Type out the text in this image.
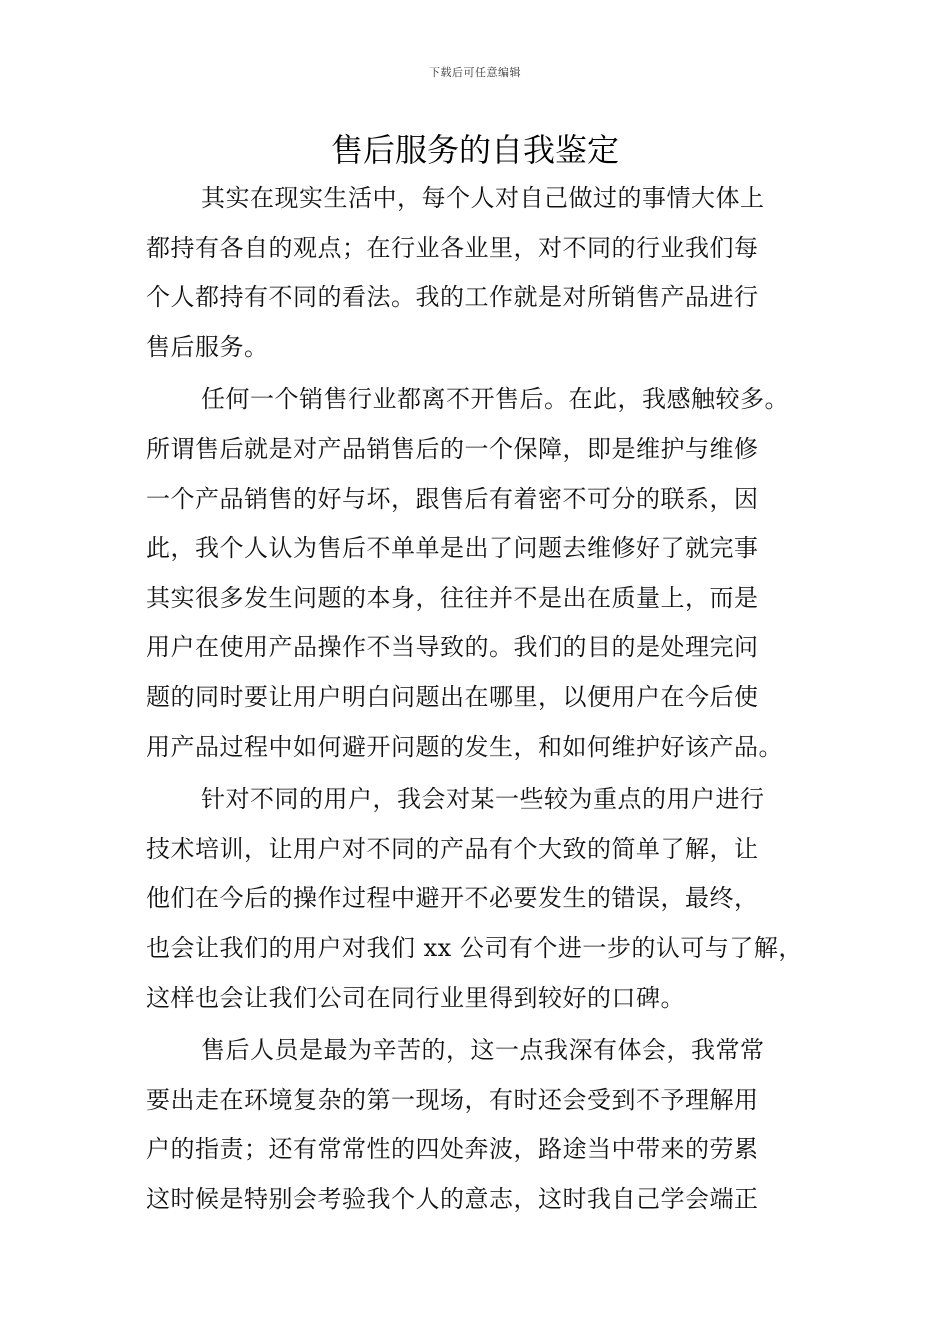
下载后可任意编辑
售后服务的自我鉴定

其实在现实生活中，每个人对自己做过的事情大体上
都持有各自的观点；在行业各业里，对不同的行业我们每
个人都持有不同的看法。我的工作就是对所销售产品进行
售后服务。

任何一个销售行业都离不开售后。在此，我感触较多。
所谓售后就是对产品销售后的一个保障，即是维护与维修
一个产品销售的好与坏，跟售后有着密不可分的联系，因
此，我个人认为售后不单单是出了问题去维修好了就完事
其实很多发生问题的本身，往往并不是出在质量上，而是
用户在使用产品操作不当导致的。我们的目的是处理完问
题的同时要让用户明白问题出在哪里，以便用户在今后使
用产品过程中如何避开问题的发生，和如何维护好该产品。

针对不同的用户，我会对某一些较为重点的用户进行
技术培训，让用户对不同的产品有个大致的简单了解，让
他们在今后的操作过程中避开不必要发生的错误，最终，
也会让我们的用户对我们 xx 公司有个进一步的认可与了解，
这样也会让我们公司在同行业里得到较好的口碑。

售后人员是最为辛苦的，这一点我深有体会，我常常
要出走在环境复杂的第一现场，有时还会受到不予理解用
户的指责；还有常常性的四处奔波，路途当中带来的劳累
这时候是特别会考验我个人的意志，这时我自己学会端正
